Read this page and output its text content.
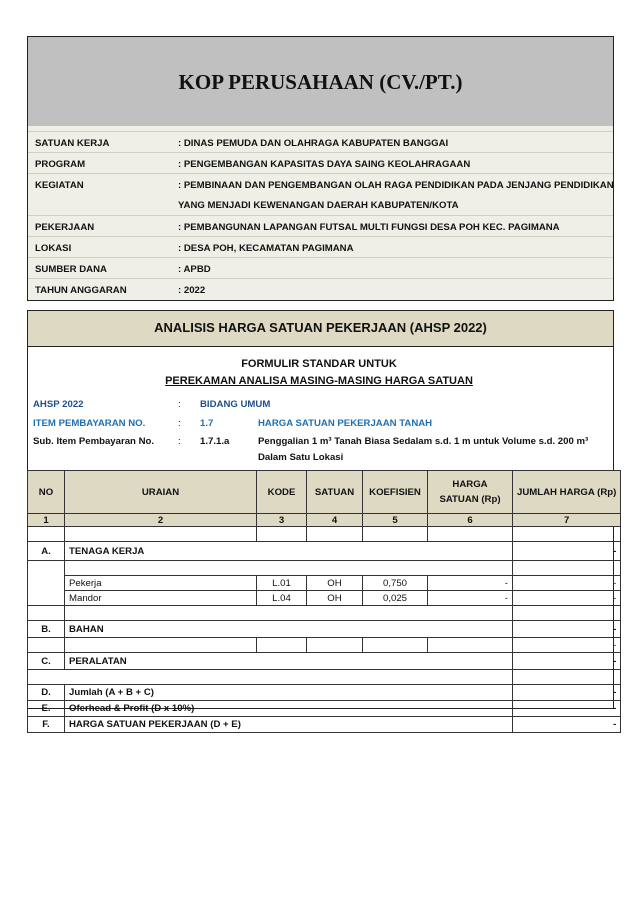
KOP PERUSAHAAN (CV./PT.)
SATUAN KERJA	: DINAS PEMUDA DAN OLAHRAGA KABUPATEN BANGGAI
PROGRAM	: PENGEMBANGAN KAPASITAS DAYA SAING KEOLAHRAGAAN
KEGIATAN	: PEMBINAAN DAN PENGEMBANGAN OLAH RAGA PENDIDIKAN PADA JENJANG PENDIDIKAN
YANG MENJADI KEWENANGAN DAERAH KABUPATEN/KOTA
PEKERJAAN	: PEMBANGUNAN LAPANGAN FUTSAL MULTI FUNGSI DESA POH KEC. PAGIMANA
LOKASI	: DESA POH, KECAMATAN PAGIMANA
SUMBER DANA	: APBD
TAHUN ANGGARAN	: 2022
ANALISIS HARGA SATUAN PEKERJAAN (AHSP 2022)
FORMULIR STANDAR UNTUK
PEREKAMAN ANALISA MASING-MASING HARGA SATUAN
AHSP 2022	: BIDANG UMUM
ITEM PEMBAYARAN NO.	: 1.7	HARGA SATUAN PEKERJAAN TANAH
Sub. Item Pembayaran No. : 1.7.1.a	Penggalian 1 m³ Tanah Biasa Sedalam s.d. 1 m untuk Volume s.d. 200 m³
Dalam Satu Lokasi
NO	URAIAN	KODE	SATUAN	KOEFISIEN	HARGA SATUAN (Rp)	JUMLAH HARGA (Rp)
1	2	3	4	5	6	7

A.	TENAGA KERJA					-

	Pekerja	L.01	OH	0,750	-	-
	Mandor	L.04	OH	0,025	-	-

B.	BAHAN					-
						-
C.	PERALATAN					-

D.	Jumlah (A + B + C)					-
E.	Oferhead & Profit (D x 10%)					-
F.	HARGA SATUAN PEKERJAAN (D + E)					-
